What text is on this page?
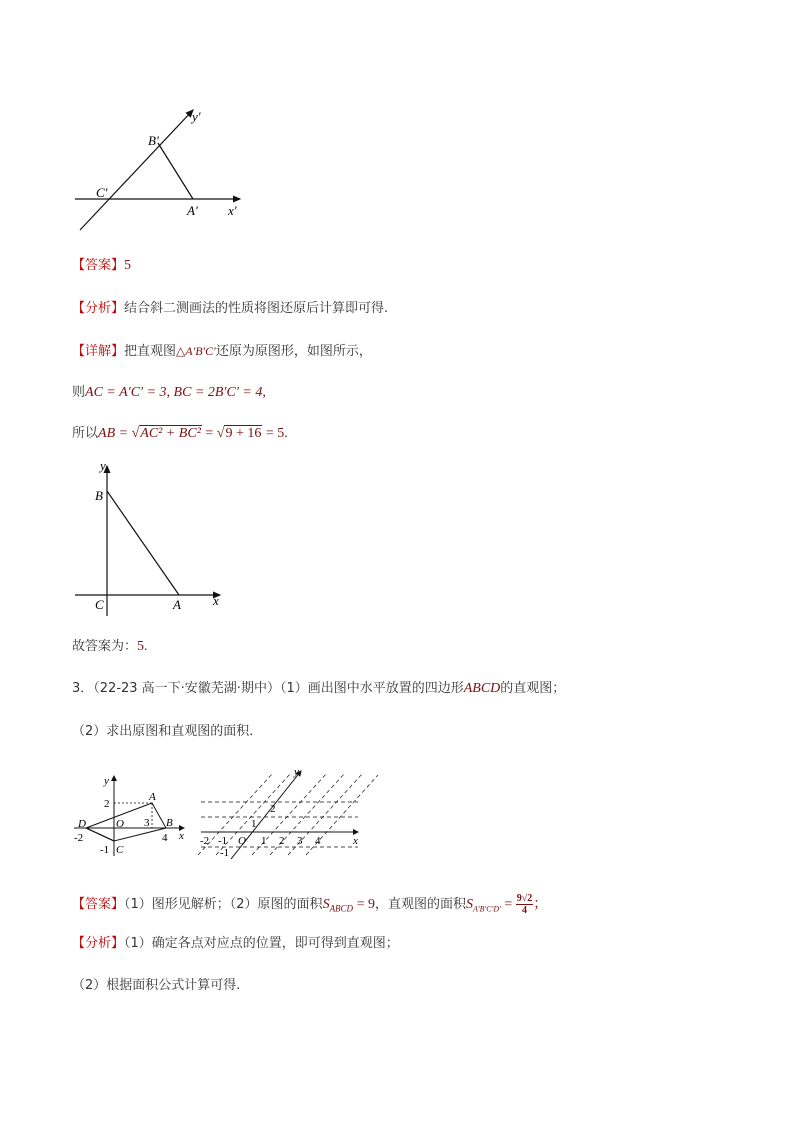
y′
x′
B′
C′
A′
【答案】5
【分析】结合斜二测画法的性质将图还原后计算即可得.
【详解】把直观图△A′B′C′还原为原图形，如图所示，
则AC = A′C′ = 3, BC = 2B′C′ = 4,
所以AB = √AC² + BC² = √9 + 16 = 5.
y
x
B
C	A
故答案为：5.
3．（22-23 高一下·安徽芜湖·期中）（1）画出图中水平放置的四边形ABCD的直观图；
（2）求出原图和直观图的面积．
y
x
A
B
C
D	O
2
3
4
-2
-1
y
x
O
-2 -1	1 2 3 4
2
1
-1
【答案】（1）图形见解析；（2）原图的面积$S_{ABCD} = 9$，直观图的面积$S_{A'B'C'D'} = \frac{9√2}{4}$ ；
【分析】（1）确定各点对应点的位置，即可得到直观图；
（2）根据面积公式计算可得.
